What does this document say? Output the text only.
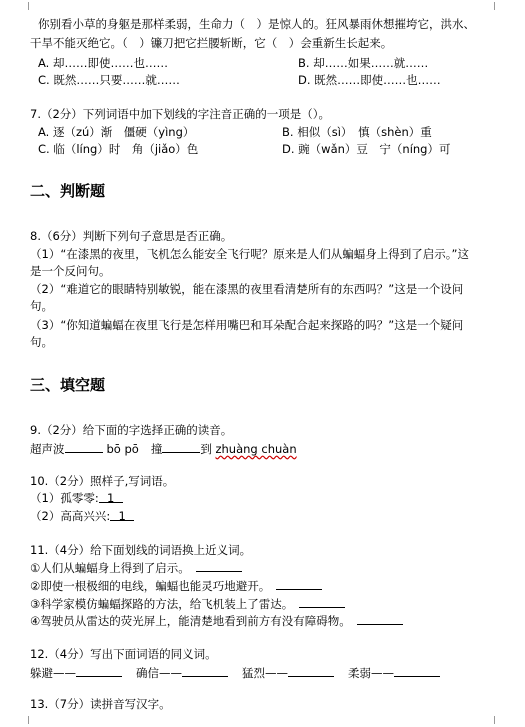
你别看小草的身躯是那样柔弱，生命力（　）是惊人的。狂风暴雨休想摧垮它，洪水、
干旱不能灭绝它。（　）镰刀把它拦腰斩断，它（　）会重新生长起来。
A. 却……即使……也……	B. 却……如果……就……
C. 既然……只要……就……	D. 既然……即使……也……
7.（2分）下列词语中加下划线的字注音正确的一项是（）。
A. 逐（zú）渐　僵硬（yìng）	B. 相似（sì）　慎（shèn）重
C. 临（líng）时　角（jiǎo）色	D. 豌（wǎn）豆　宁（níng）可
二、判断题
8.（6分）判断下列句子意思是否正确。
（1）“在漆黑的夜里，飞机怎么能安全飞行呢？原来是人们从蝙蝠身上得到了启示。”这
是一个反问句。
（2）“难道它的眼睛特别敏锐，能在漆黑的夜里看清楚所有的东西吗？”这是一个设问
句。
（3）“你知道蝙蝠在夜里飞行是怎样用嘴巴和耳朵配合起来探路的吗？”这是一个疑问
句。
三、填空题
9.（2分）给下面的字选择正确的读音。
超声波	bō pō 撞	到 zhuàng chuàn
10.（2分）照样子,写词语。
（1）孤零零: 1
（2）高高兴兴: 1
11.（4分）给下面划线的词语换上近义词。
①人们从蝙蝠身上得到了启示。
②即使一根极细的电线，蝙蝠也能灵巧地避开。
③科学家模仿蝙蝠探路的方法，给飞机装上了雷达。
④驾驶员从雷达的荧光屏上，能清楚地看到前方有没有障碍物。
12.（4分）写出下面词语的同义词。
躲避——	确信——	猛烈——	柔弱——
13.（7分）读拼音写汉字。
